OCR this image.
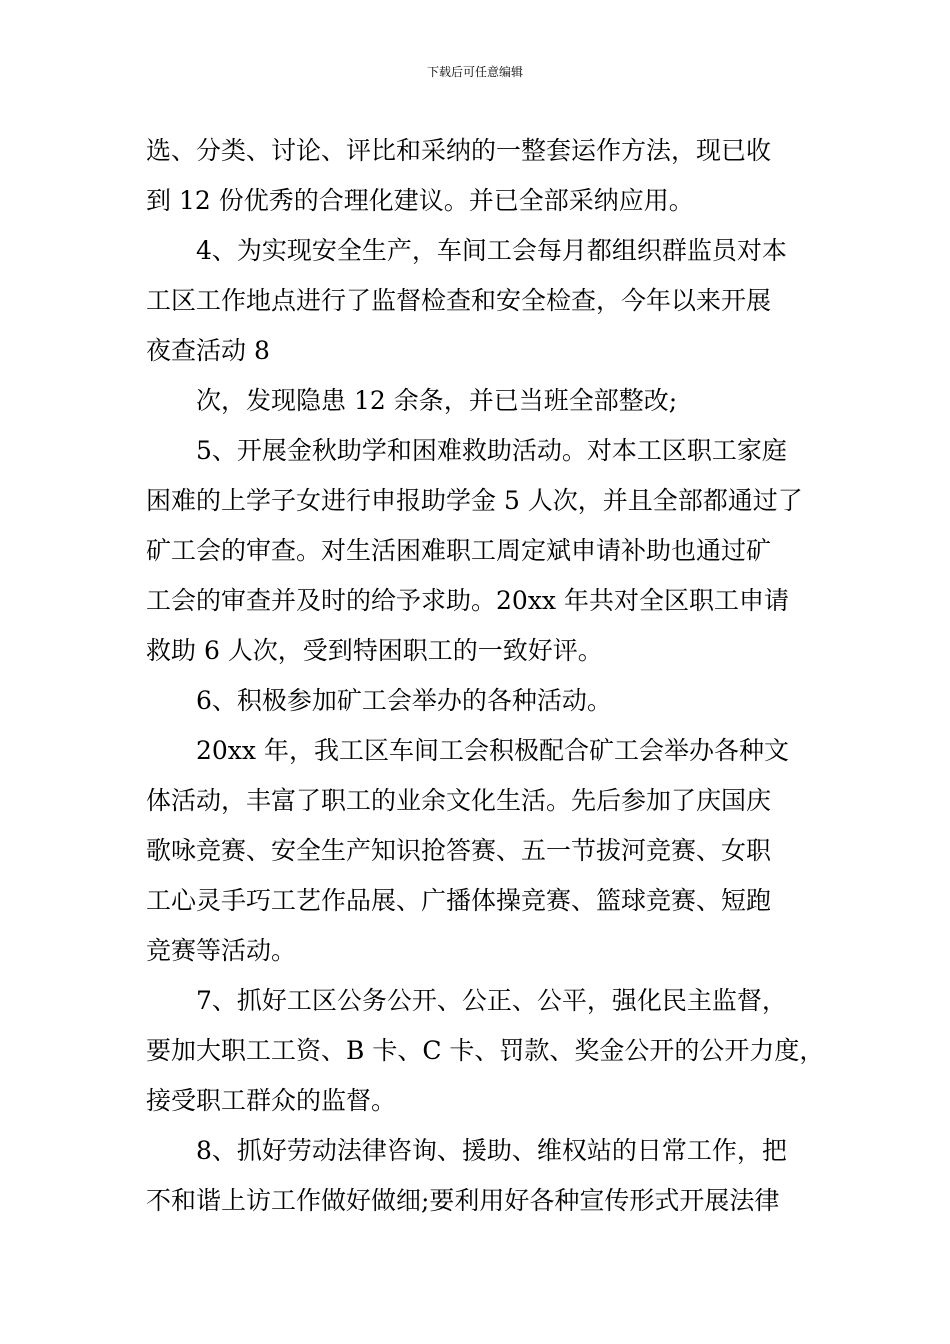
下载后可任意编辑
选、分类、讨论、评比和采纳的一整套运作方法，现已收
到 12 份优秀的合理化建议。并已全部采纳应用。
4、为实现安全生产，车间工会每月都组织群监员对本
工区工作地点进行了监督检查和安全检查，今年以来开展
夜查活动 8
次，发现隐患 12 余条，并已当班全部整改;
5、开展金秋助学和困难救助活动。对本工区职工家庭
困难的上学子女进行申报助学金 5 人次，并且全部都通过了
矿工会的审查。对生活困难职工周定斌申请补助也通过矿
工会的审查并及时的给予求助。20xx 年共对全区职工申请
救助 6 人次，受到特困职工的一致好评。
6、积极参加矿工会举办的各种活动。
20xx 年，我工区车间工会积极配合矿工会举办各种文
体活动，丰富了职工的业余文化生活。先后参加了庆国庆
歌咏竞赛、安全生产知识抢答赛、五一节拔河竞赛、女职
工心灵手巧工艺作品展、广播体操竞赛、篮球竞赛、短跑
竞赛等活动。
7、抓好工区公务公开、公正、公平，强化民主监督，
要加大职工工资、B 卡、C 卡、罚款、奖金公开的公开力度，
接受职工群众的监督。
8、抓好劳动法律咨询、援助、维权站的日常工作，把
不和谐上访工作做好做细;要利用好各种宣传形式开展法律
